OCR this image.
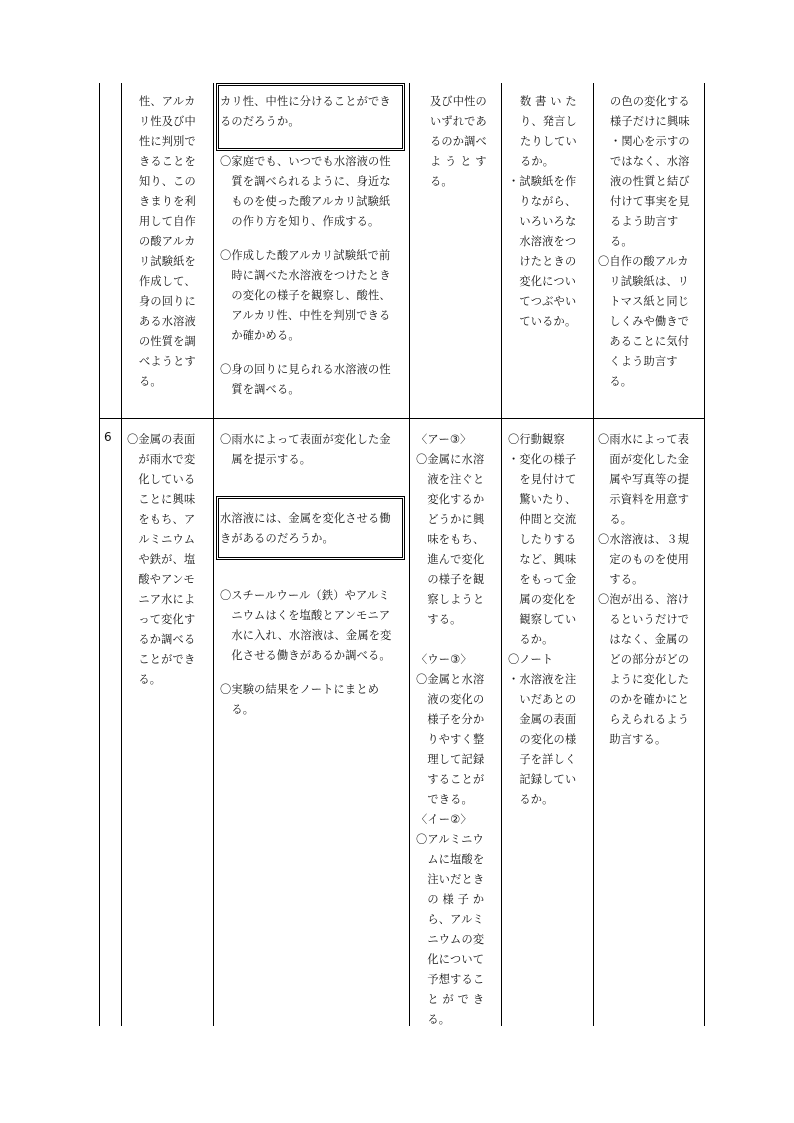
性、アルカ
リ性及び中
性に判別で
きることを
知り、この
きまりを利
用して自作
の酸アルカ
リ試験紙を
作成して、
身の回りに
ある水溶液
の性質を調
べようとす
る。
カリ性、中性に分けることができ
るのだろうか。
〇家庭でも、いつでも水溶液の性
　質を調べられるように、身近な
　ものを使った酸アルカリ試験紙
　の作り方を知り、作成する。
〇作成した酸アルカリ試験紙で前
　時に調べた水溶液をつけたとき
　の変化の様子を観察し、酸性、
　アルカリ性、中性を判別できる
　か確かめる。
〇身の回りに見られる水溶液の性
　質を調べる。
及び中性の
いずれであ
るのか調べ
よ う と す
る。
数 書 い た
り、発言し
たりしてい
るか。
・試験紙を作
　りながら、
　いろいろな
　水溶液をつ
　けたときの
　変化につい
　てつぶやい
　ているか。
の色の変化する
様子だけに興味
・関心を示すの
ではなく、水溶
液の性質と結び
付けて事実を見
るよう助言す
る。
〇自作の酸アルカ
　リ試験紙は、リ
　トマス紙と同じ
　しくみや働きで
　あることに気付
　くよう助言す
　る。
6 〇金属の表面
　が雨水で変
　化している
　ことに興味
　をもち、ア
　ルミニウム
　や鉄が、塩
　酸やアンモ
　ニア水によ
　って変化す
　るか調べる
　ことができ
　る。
〇雨水によって表面が変化した金
　属を提示する。
水溶液には、金属を変化させる働
きがあるのだろうか。
〇スチールウール（鉄）やアルミ
　ニウムはくを塩酸とアンモニア
　水に入れ、水溶液は、金属を変
　化させる働きがあるか調べる。
〇実験の結果をノートにまとめ
　る。
〈アー③〉
〇金属に水溶
　液を注ぐと
　変化するか
　どうかに興
　味をもち、
　進んで変化
　の様子を観
　察しようと
　する。
〈ウー③〉
〇金属と水溶
　液の変化の
　様子を分か
　りやすく整
　理して記録
　することが
　できる。
〈イー②〉
〇アルミニウ
　ムに塩酸を
　注いだとき
　の 様 子 か
　ら、アルミ
　ニウムの変
　化について
　予想するこ
　と が で き
　る。
〇行動観察
・変化の様子
　を見付けて
　驚いたり、
　仲間と交流
　したりする
　など、興味
　をもって金
　属の変化を
　観察してい
　るか。
〇ノート
・水溶液を注
　いだあとの
　金属の表面
　の変化の様
　子を詳しく
　記録してい
　るか。
〇雨水によって表
　面が変化した金
　属や写真等の提
　示資料を用意す
　る。
〇水溶液は、３規
　定のものを使用
　する。
〇泡が出る、溶け
　るというだけで
　はなく、金属の
　どの部分がどの
　ように変化した
　のかを確かにと
　らえられるよう
　助言する。
